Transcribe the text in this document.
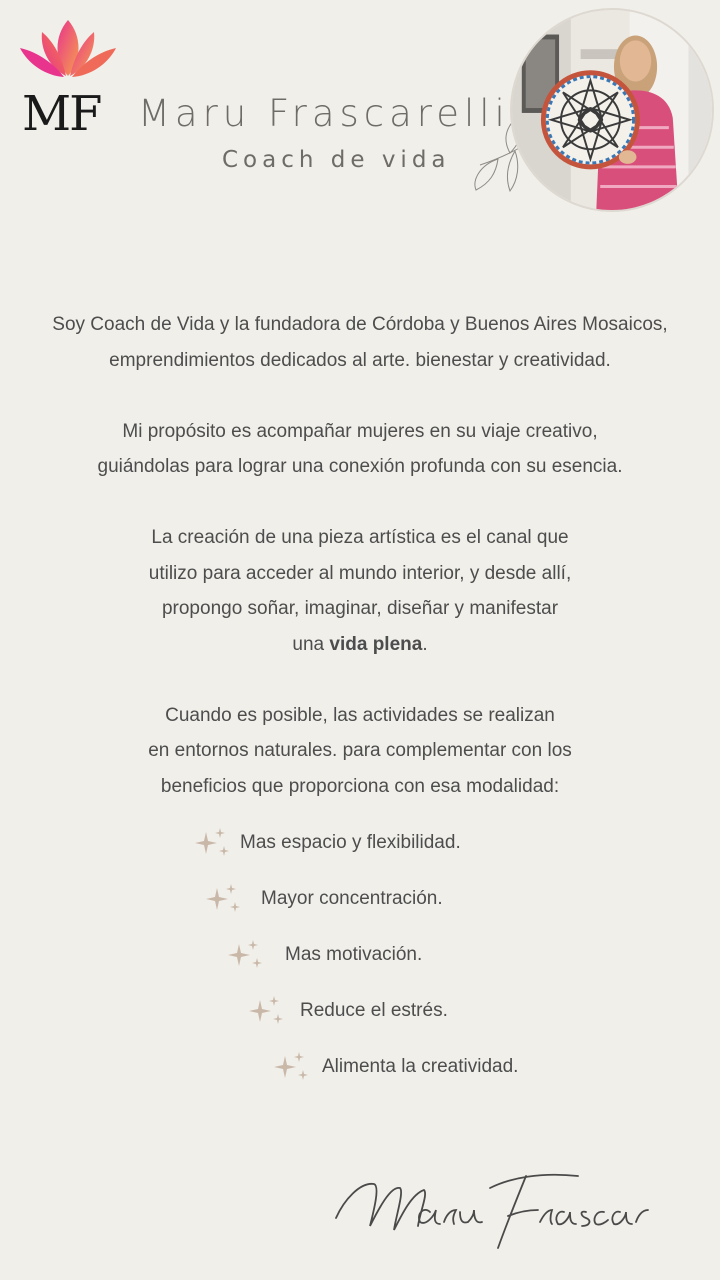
MF Maru Frascarelli
Coach de vida
Soy Coach de Vida y la fundadora de Córdoba y Buenos Aires Mosaicos,
emprendimientos dedicados al arte. bienestar y creatividad.
Mi propósito es acompañar mujeres en su viaje creativo,
guiándolas para lograr una conexión profunda con su esencia.
La creación de una pieza artística es el canal que
utilizo para acceder al mundo interior, y desde allí,
propongo soñar, imaginar, diseñar y manifestar
una vida plena.
Cuando es posible, las actividades se realizan
en entornos naturales. para complementar con los
beneficios que proporciona con esa modalidad:
Mas espacio y flexibilidad.
Mayor concentración.
Mas motivación.
Reduce el estrés.
Alimenta la creatividad.
